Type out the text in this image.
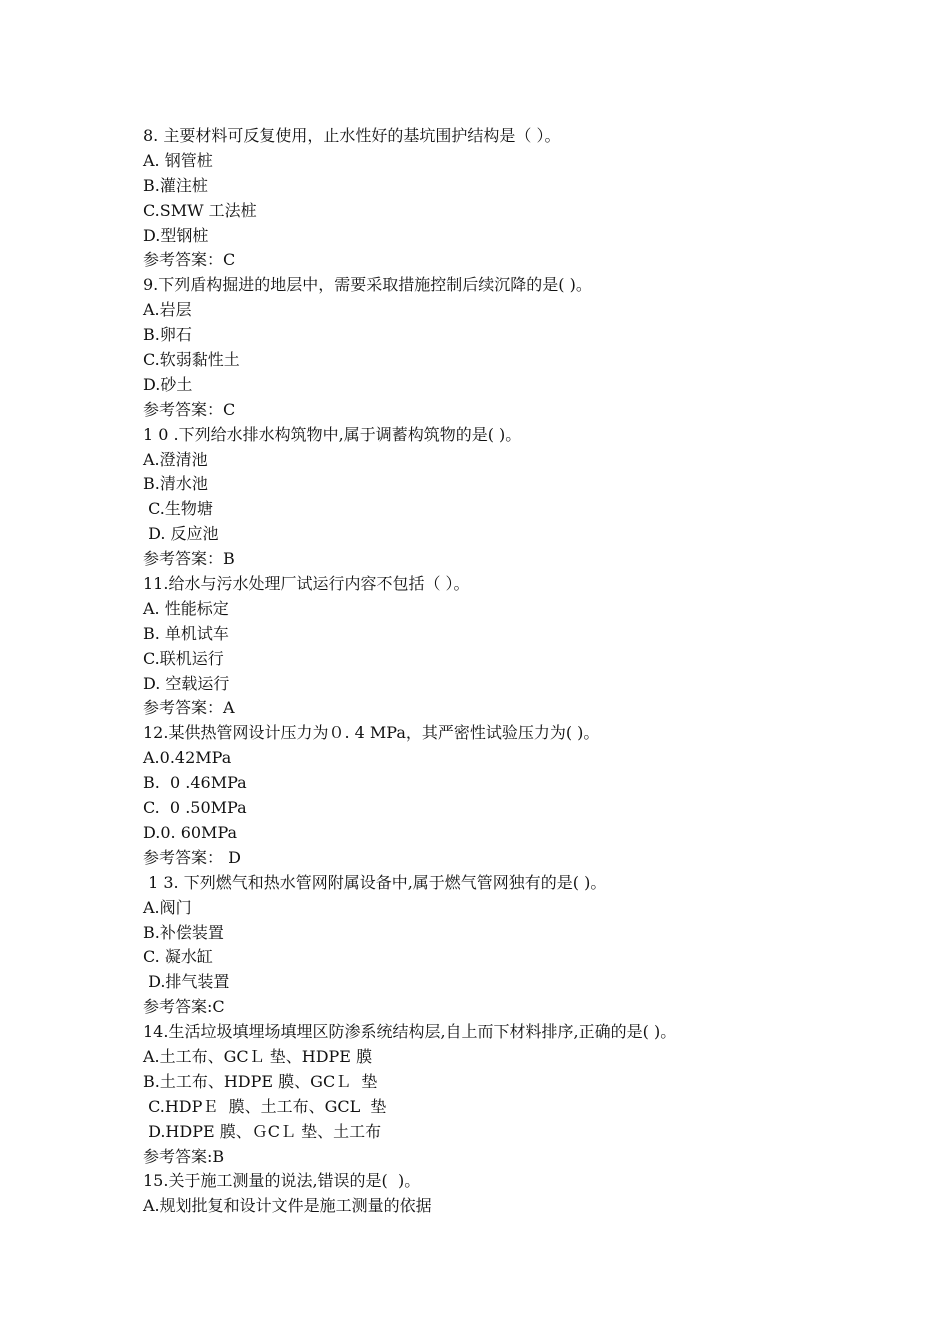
8. 主要材料可反复使用，止水性好的基坑围护结构是（ ）。
A. 钢管桩
B.灌注桩
C.SMW 工法桩
D.型钢桩
参考答案：C
9.下列盾构掘进的地层中，需要采取措施控制后续沉降的是( )。
A.岩层
B.卵石
C.软弱黏性土
D.砂土
参考答案：C
1 0 .下列给水排水构筑物中,属于调蓄构筑物的是( )。
A.澄清池
B.清水池
C.生物塘
D. 反应池
参考答案：B
11.给水与污水处理厂试运行内容不包括（ ）。
A. 性能标定
B. 单机试车
C.联机运行
D. 空载运行
参考答案：A
12.某供热管网设计压力为０. 4 MPa，其严密性试验压力为( )。
A.0.42MPa
B.  0 .46MPa
C.  0 .50MPa
D.0. 60MPa
参考答案： D
1 3. 下列燃气和热水管网附属设备中,属于燃气管网独有的是( )。
A.阀门
B.补偿装置
C. 凝水缸
D.排气装置
参考答案:C
14.生活垃圾填埋场填埋区防渗系统结构层,自上而下材料排序,正确的是( )。
A.土工布、GCＬ 垫、HDPE 膜
B.土工布、HDPE 膜、GCＬ  垫
C.HDPＥ  膜、土工布、GCL  垫
D.HDPE 膜、ＧCＬ 垫、土工布
参考答案:B
15.关于施工测量的说法,错误的是(  )。
A.规划批复和设计文件是施工测量的依据
